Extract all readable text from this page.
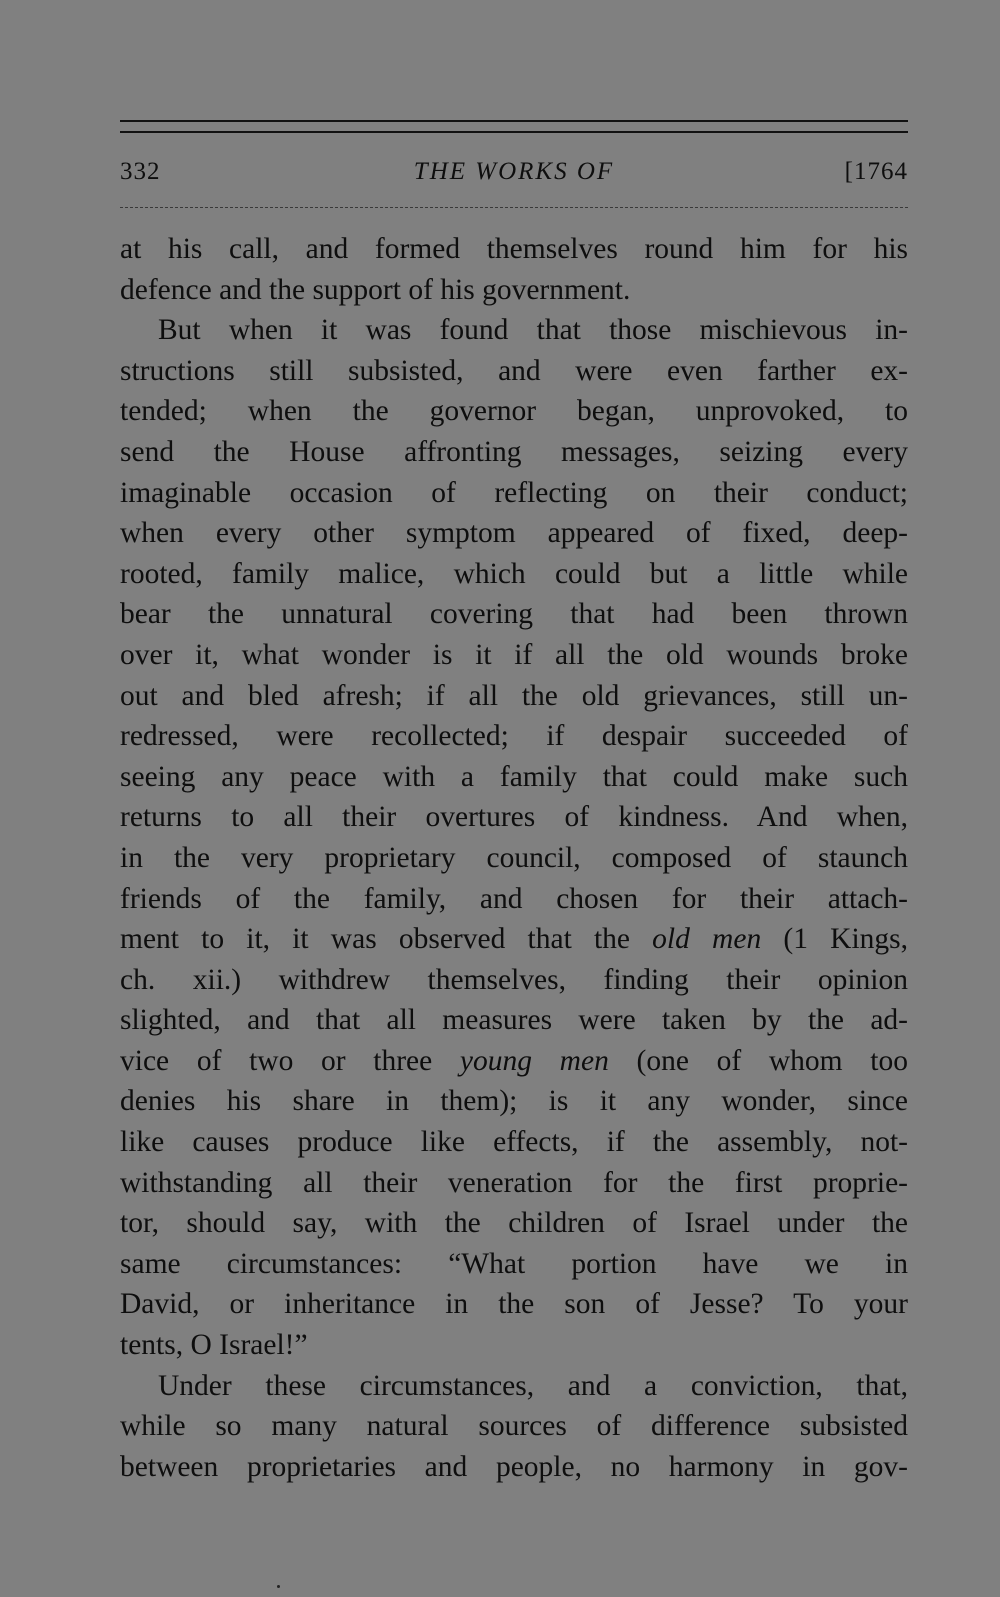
332	THE WORKS OF	[1764

at his call, and formed themselves round him for his
defence and the support of his government.

But when it was found that those mischievous in-
structions still subsisted, and were even farther ex-
tended; when the governor began, unprovoked, to
send the House affronting messages, seizing every
imaginable occasion of reflecting on their conduct;
when every other symptom appeared of fixed, deep-
rooted, family malice, which could but a little while
bear the unnatural covering that had been thrown
over it, what wonder is it if all the old wounds broke
out and bled afresh; if all the old grievances, still un-
redressed, were recollected; if despair succeeded of
seeing any peace with a family that could make such
returns to all their overtures of kindness. And when,
in the very proprietary council, composed of staunch
friends of the family, and chosen for their attach-
ment to it, it was observed that the old men (1 Kings,
ch. xii.) withdrew themselves, finding their opinion
slighted, and that all measures were taken by the ad-
vice of two or three young men (one of whom too
denies his share in them); is it any wonder, since
like causes produce like effects, if the assembly, not-
withstanding all their veneration for the first proprie-
tor, should say, with the children of Israel under the
same circumstances: “What portion have we in
David, or inheritance in the son of Jesse? To your
tents, O Israel!”

Under these circumstances, and a conviction, that,
while so many natural sources of difference subsisted
between proprietaries and people, no harmony in gov-
